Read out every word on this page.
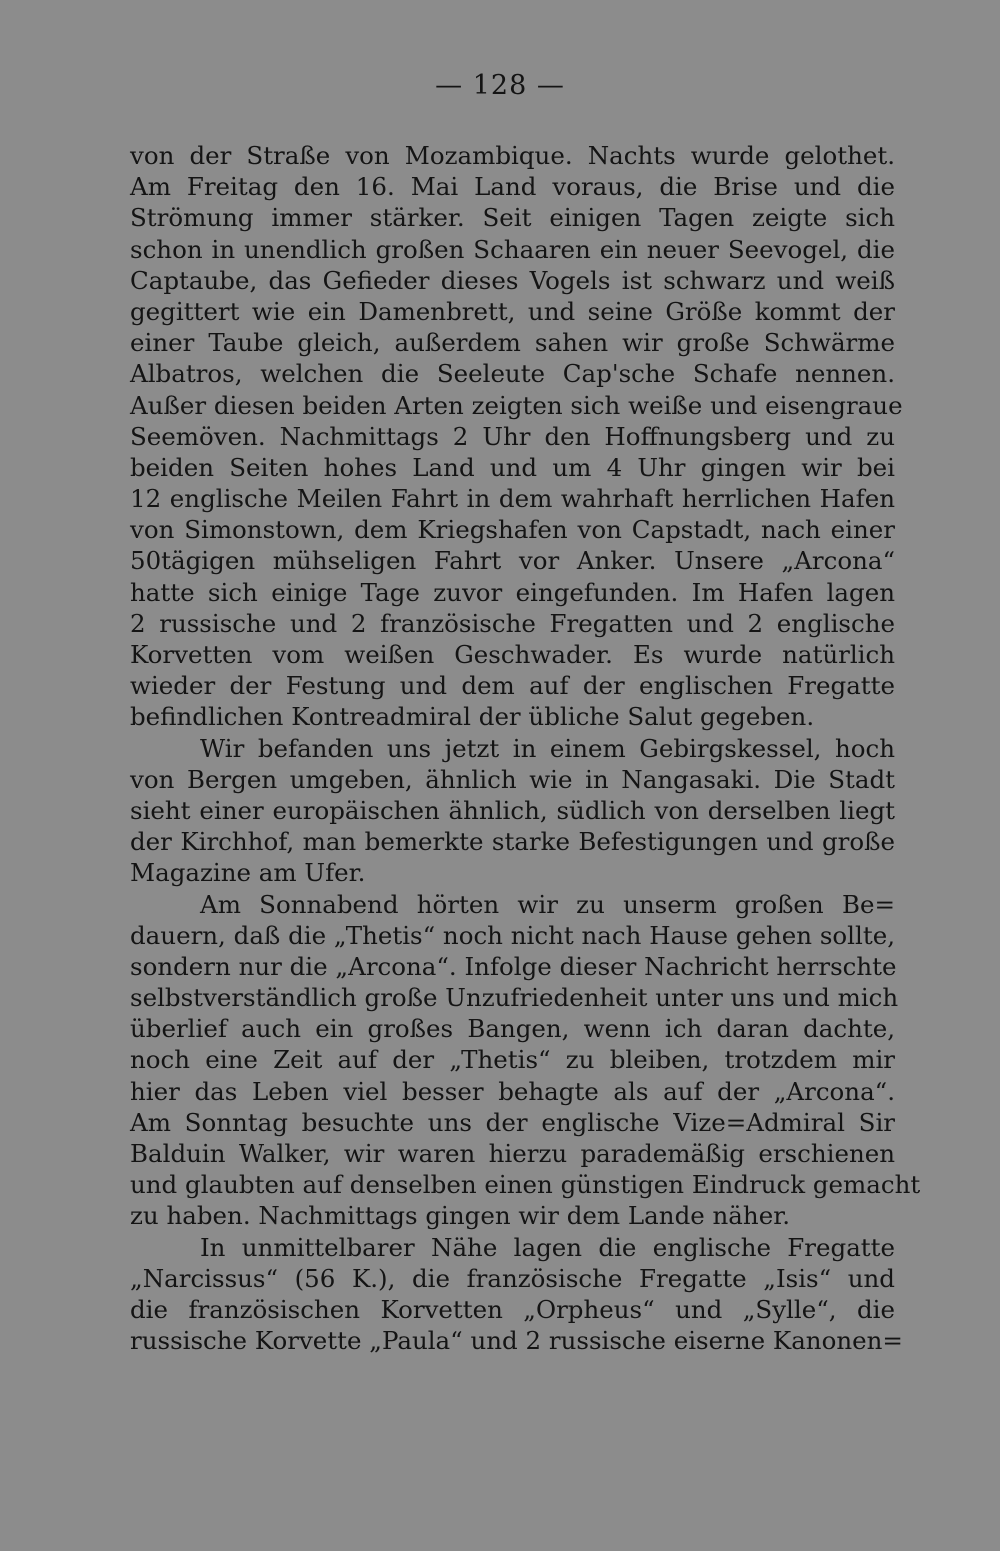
— 128 —
von der Straße von Mozambique. Nachts wurde gelothet.
Am Freitag den 16. Mai Land voraus, die Brise und die
Strömung immer stärker. Seit einigen Tagen zeigte sich
schon in unendlich großen Schaaren ein neuer Seevogel, die
Captaube, das Gefieder dieses Vogels ist schwarz und weiß
gegittert wie ein Damenbrett, und seine Größe kommt der
einer Taube gleich, außerdem sahen wir große Schwärme
Albatros, welchen die Seeleute Cap'sche Schafe nennen.
Außer diesen beiden Arten zeigten sich weiße und eisengraue
Seemöven. Nachmittags 2 Uhr den Hoffnungsberg und zu
beiden Seiten hohes Land und um 4 Uhr gingen wir bei
12 englische Meilen Fahrt in dem wahrhaft herrlichen Hafen
von Simonstown, dem Kriegshafen von Capstadt, nach einer
50tägigen mühseligen Fahrt vor Anker. Unsere „Arcona“
hatte sich einige Tage zuvor eingefunden. Im Hafen lagen
2 russische und 2 französische Fregatten und 2 englische
Korvetten vom weißen Geschwader. Es wurde natürlich
wieder der Festung und dem auf der englischen Fregatte
befindlichen Kontreadmiral der übliche Salut gegeben.
Wir befanden uns jetzt in einem Gebirgskessel, hoch
von Bergen umgeben, ähnlich wie in Nangasaki. Die Stadt
sieht einer europäischen ähnlich, südlich von derselben liegt
der Kirchhof, man bemerkte starke Befestigungen und große
Magazine am Ufer.
Am Sonnabend hörten wir zu unserm großen Be=
dauern, daß die „Thetis“ noch nicht nach Hause gehen sollte,
sondern nur die „Arcona“. Infolge dieser Nachricht herrschte
selbstverständlich große Unzufriedenheit unter uns und mich
überlief auch ein großes Bangen, wenn ich daran dachte,
noch eine Zeit auf der „Thetis“ zu bleiben, trotzdem mir
hier das Leben viel besser behagte als auf der „Arcona“.
Am Sonntag besuchte uns der englische Vize=Admiral Sir
Balduin Walker, wir waren hierzu parademäßig erschienen
und glaubten auf denselben einen günstigen Eindruck gemacht
zu haben. Nachmittags gingen wir dem Lande näher.
In unmittelbarer Nähe lagen die englische Fregatte
„Narcissus“ (56 K.), die französische Fregatte „Isis“ und
die französischen Korvetten „Orpheus“ und „Sylle“, die
russische Korvette „Paula“ und 2 russische eiserne Kanonen=
